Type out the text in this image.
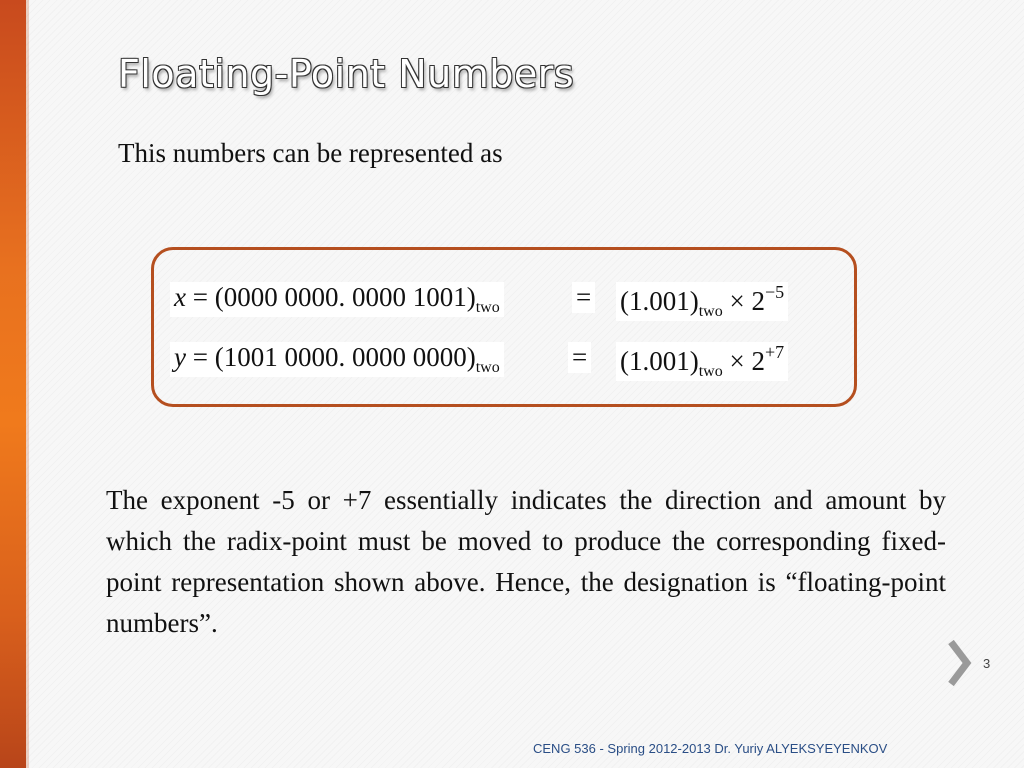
Floating-Point Numbers

This numbers can be represented as

x = (0000 0000. 0000 $1001)_{two}$	= $(1.001)_{two} \times 2^{-5}$
y = (1001 0000. 0000 $0000)_{two}$	= $(1.001)_{two} \times 2^{+7}$

The exponent -5 or +7 essentially indicates the direction and amount by which the radix-point must be moved to produce the corresponding fixed-point representation shown above. Hence, the designation is “floating-point numbers”.

3
CENG 536 - Spring 2012-2013 Dr. Yuriy ALYEKSYEYENKOV
